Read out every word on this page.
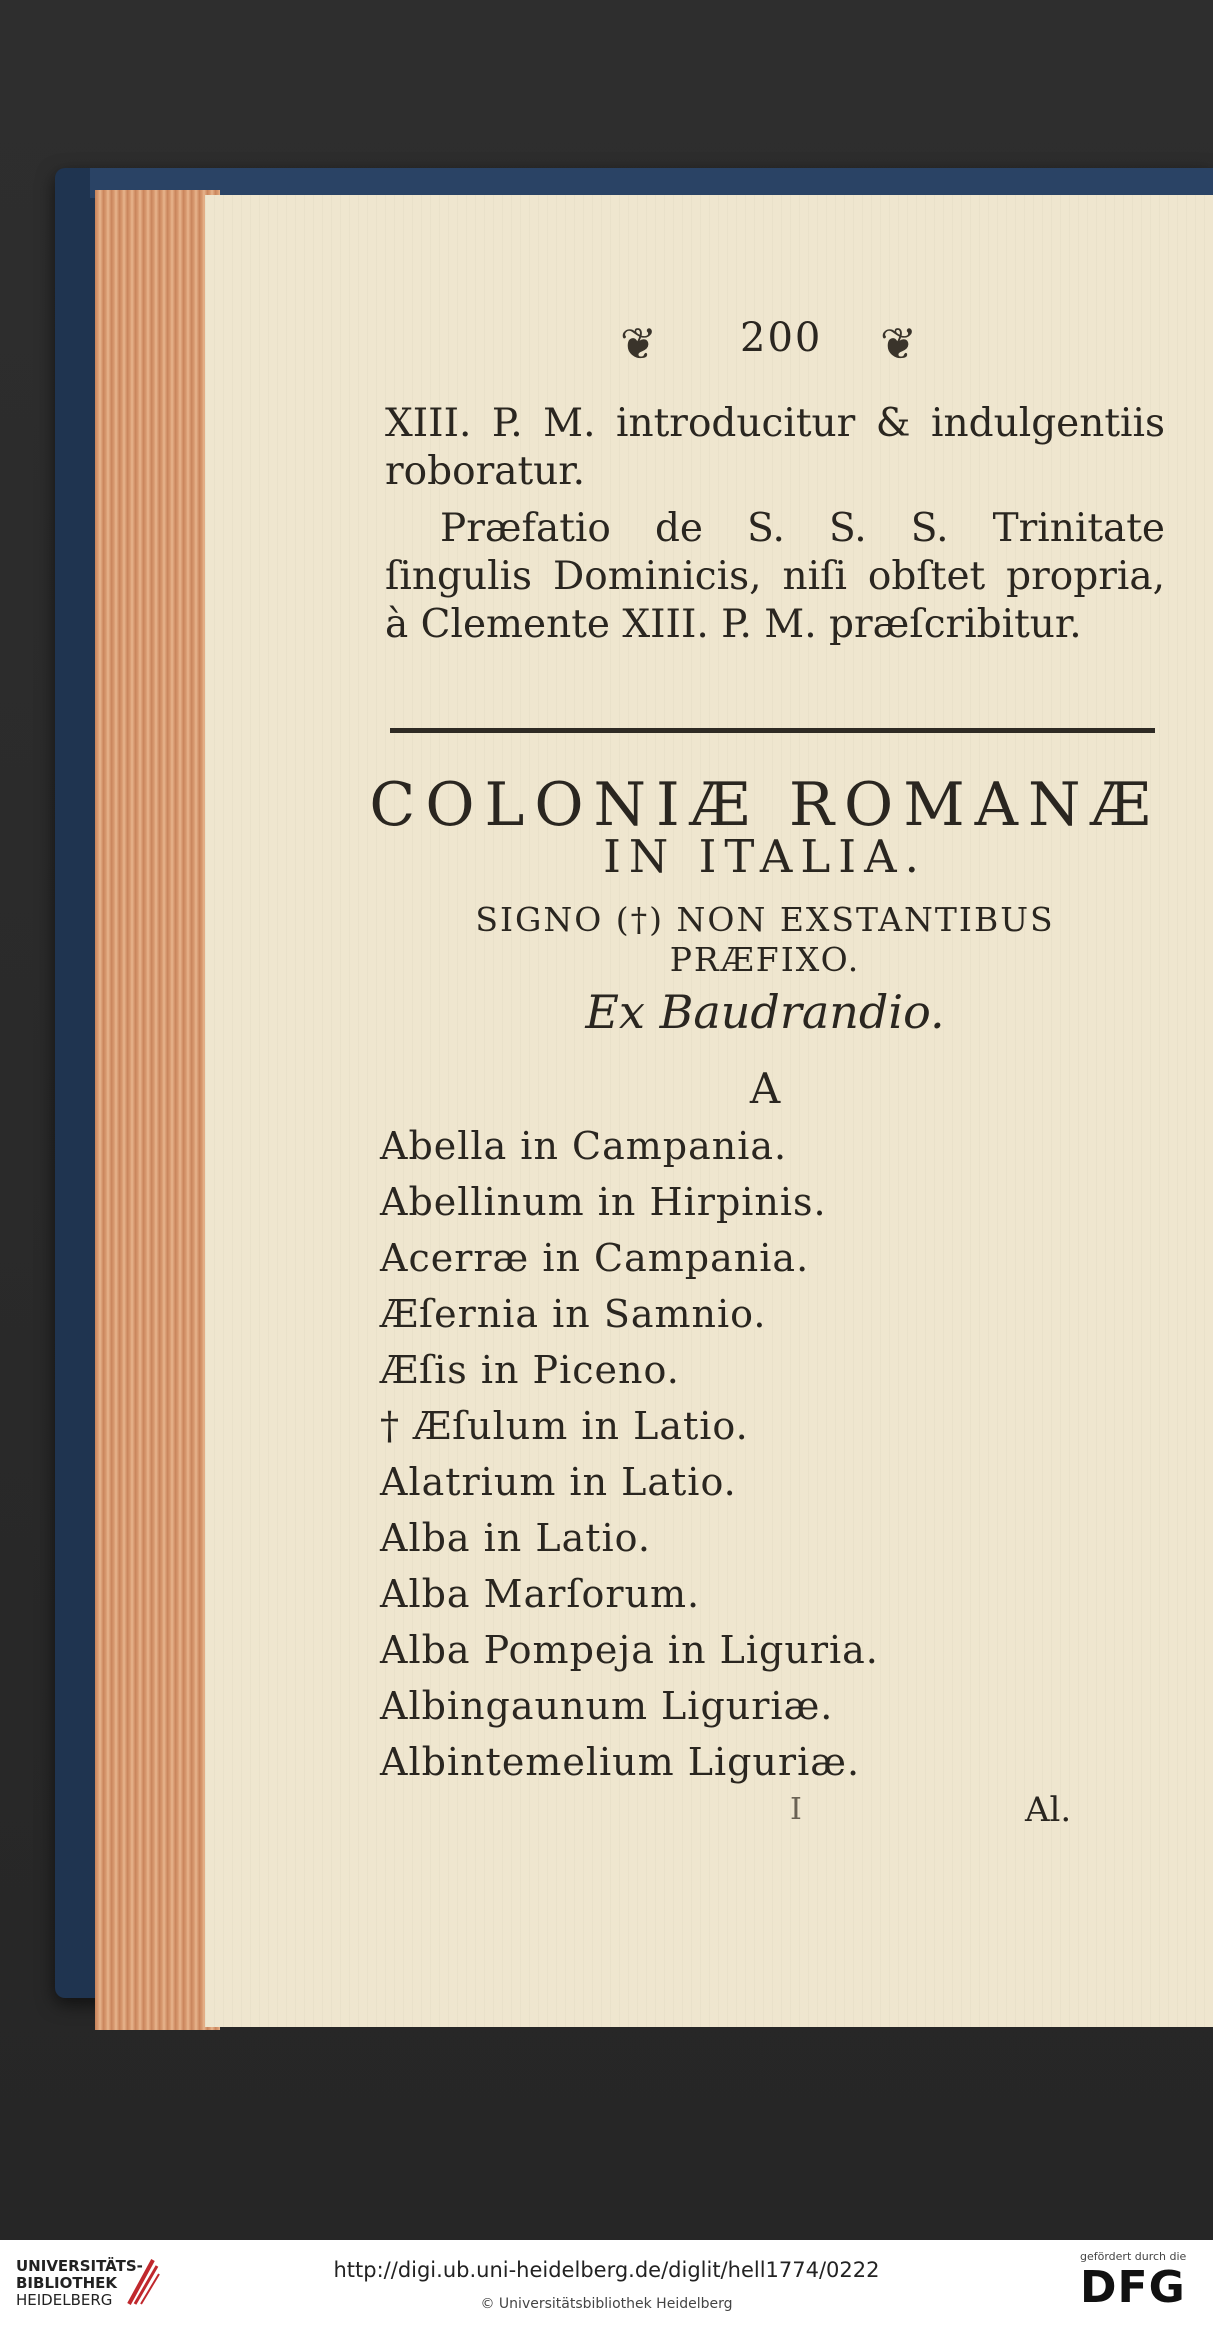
❦ 200 ❦
XIII. P. M. introducitur & indulgentiis roboratur.
Præfatio de S. S. S. Trinitate ſingulis Dominicis, niſi obſtet propria, à Clemente XIII. P. M. præſcribitur.
COLONIÆ ROMANÆ
IN ITALIA.
SIGNO (†) NON EXSTANTIBUS
PRÆFIXO.
Ex Baudrandio.
A
Abella in Campania.
Abellinum in Hirpinis.
Acerræ in Campania.
Æſernia in Samnio.
Æſis in Piceno.
† Æſulum in Latio.
Alatrium in Latio.
Alba in Latio.
Alba Marſorum.
Alba Pompeja in Liguria.
Albingaunum Liguriæ.
Albintemelium Liguriæ.
I	Al.
UNIVERSITÄTS-
BIBLIOTHEK
HEIDELBERG
http://digi.ub.uni-heidelberg.de/diglit/hell1774/0222
© Universitätsbibliothek Heidelberg
gefördert durch die
DFG
